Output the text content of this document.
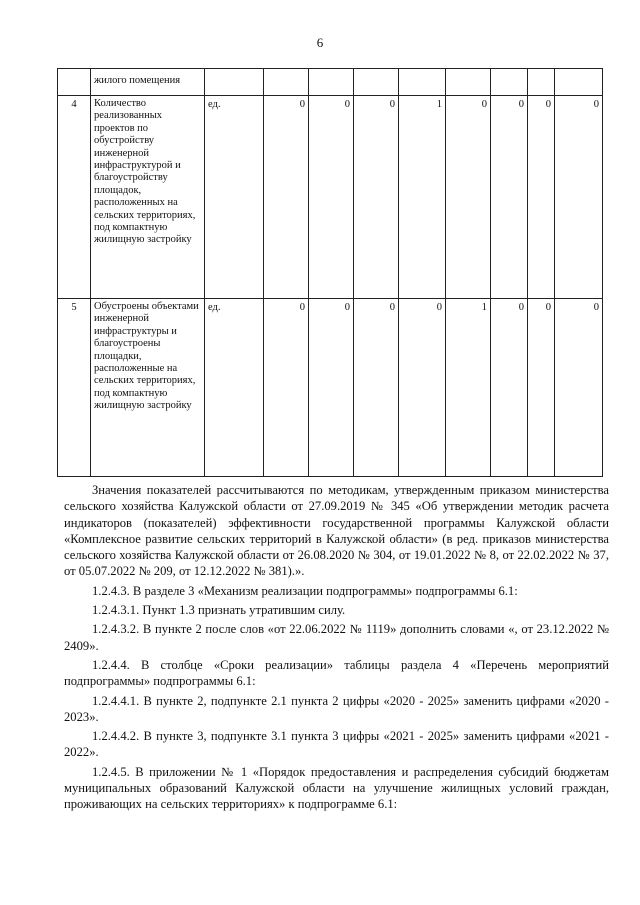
6
	жилого помещения									
4	Количество реализованных проектов по обустройству инженерной инфраструктурой и благоустройству площадок, расположенных на сельских территориях, под компактную жилищную застройку	ед.	0	0	0	1	0	0	0	0
5	Обустроены объектами инженерной инфраструктуры и благоустроены площадки, расположенные на сельских территориях, под компактную жилищную застройку	ед.	0	0	0	0	1	0	0	0

Значения показателей рассчитываются по методикам, утвержденным приказом министерства сельского хозяйства Калужской области от 27.09.2019 № 345 «Об утверждении методик расчета индикаторов (показателей) эффективности государственной программы Калужской области «Комплексное развитие сельских территорий в Калужской области» (в ред. приказов министерства сельского хозяйства Калужской области от 26.08.2020 № 304, от 19.01.2022 № 8, от 22.02.2022 № 37, от 05.07.2022 № 209, от 12.12.2022 № 381).».

1.2.4.3. В разделе 3 «Механизм реализации подпрограммы» подпрограммы 6.1:

1.2.4.3.1. Пункт 1.3 признать утратившим силу.

1.2.4.3.2. В пункте 2 после слов «от 22.06.2022 № 1119» дополнить словами «, от 23.12.2022 № 2409».

1.2.4.4. В столбце «Сроки реализации» таблицы раздела 4 «Перечень мероприятий подпрограммы» подпрограммы 6.1:

1.2.4.4.1. В пункте 2, подпункте 2.1 пункта 2 цифры «2020 - 2025» заменить цифрами «2020 - 2023».

1.2.4.4.2. В пункте 3, подпункте 3.1 пункта 3 цифры «2021 - 2025» заменить цифрами «2021 - 2022».

1.2.4.5. В приложении № 1 «Порядок предоставления и распределения субсидий бюджетам муниципальных образований Калужской области на улучшение жилищных условий граждан, проживающих на сельских территориях» к подпрограмме 6.1:
